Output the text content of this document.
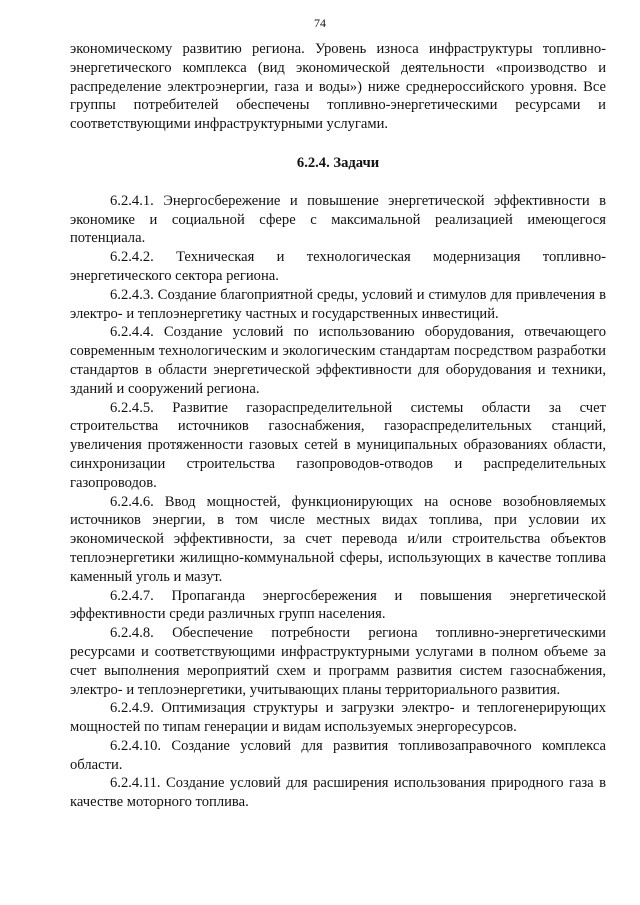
74

экономическому развитию региона. Уровень износа инфраструктуры топливно-энергетического комплекса (вид экономической деятельности «производство и распределение электроэнергии, газа и воды») ниже среднероссийского уровня. Все группы потребителей обеспечены топливно-энергетическими ресурсами и соответствующими инфраструктурными услугами.

6.2.4. Задачи

6.2.4.1. Энергосбережение и повышение энергетической эффективности в экономике и социальной сфере с максимальной реализацией имеющегося потенциала.

6.2.4.2. Техническая и технологическая модернизация топливно-энергетического сектора региона.

6.2.4.3. Создание благоприятной среды, условий и стимулов для привлечения в электро- и теплоэнергетику частных и государственных инвестиций.

6.2.4.4. Создание условий по использованию оборудования, отвечающего современным технологическим и экологическим стандартам посредством разработки стандартов в области энергетической эффективности для оборудования и техники, зданий и сооружений региона.

6.2.4.5. Развитие газораспределительной системы области за счет строительства источников газоснабжения, газораспределительных станций, увеличения протяженности газовых сетей в муниципальных образованиях области, синхронизации строительства газопроводов-отводов и распределительных газопроводов.

6.2.4.6. Ввод мощностей, функционирующих на основе возобновляемых источников энергии, в том числе местных видах топлива, при условии их экономической эффективности, за счет перевода и/или строительства объектов теплоэнергетики жилищно-коммунальной сферы, использующих в качестве топлива каменный уголь и мазут.

6.2.4.7. Пропаганда энергосбережения и повышения энергетической эффективности среди различных групп населения.

6.2.4.8. Обеспечение потребности региона топливно-энергетическими ресурсами и соответствующими инфраструктурными услугами в полном объеме за счет выполнения мероприятий схем и программ развития систем газоснабжения, электро- и теплоэнергетики, учитывающих планы территориального развития.

6.2.4.9. Оптимизация структуры и загрузки электро- и теплогенерирующих мощностей по типам генерации и видам используемых энергоресурсов.

6.2.4.10. Создание условий для развития топливозаправочного комплекса области.

6.2.4.11. Создание условий для расширения использования природного газа в качестве моторного топлива.
